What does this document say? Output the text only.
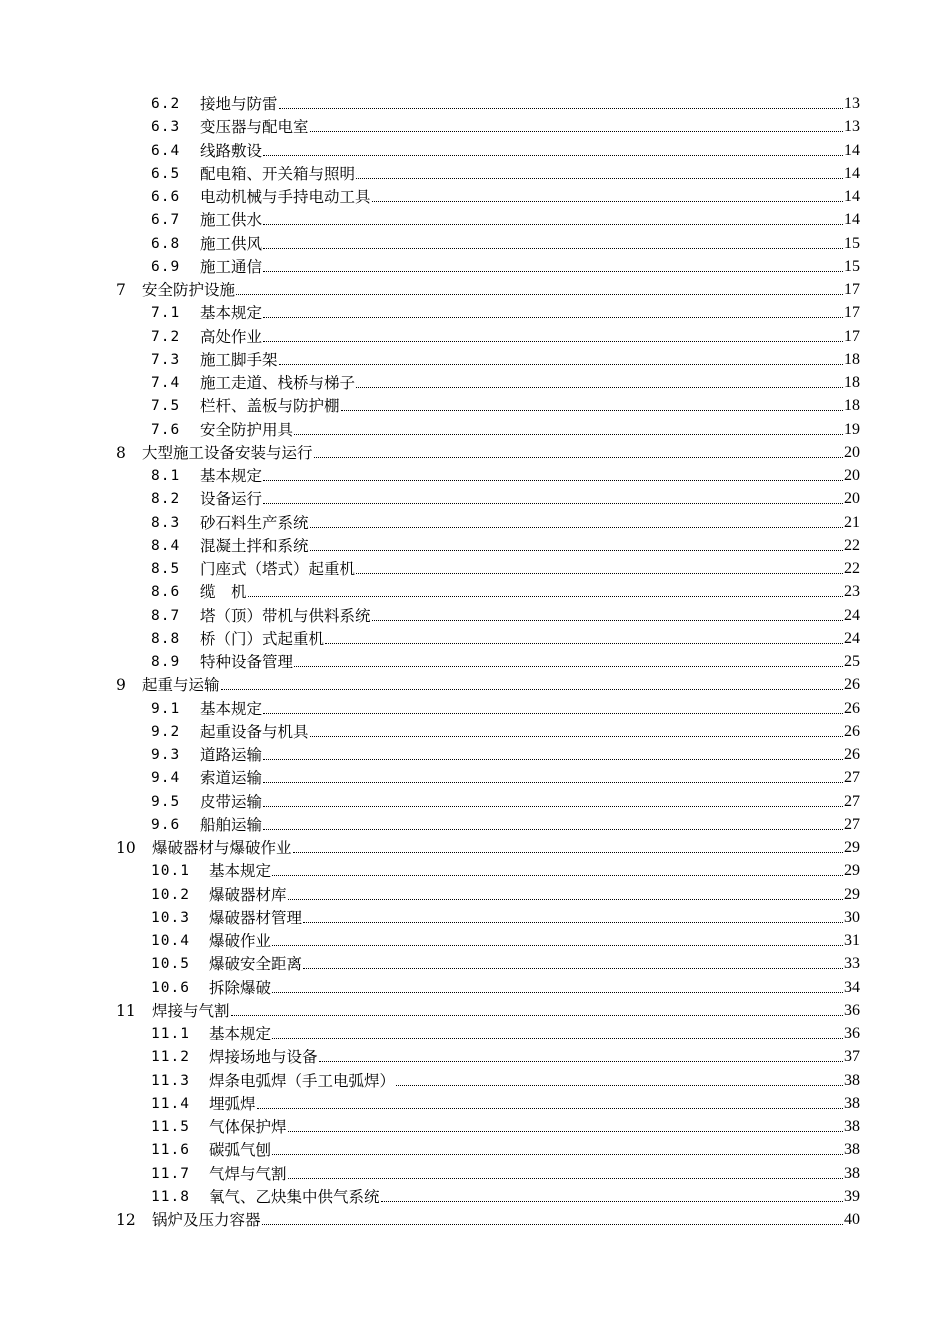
6.2	接地与防雷	13
6.3	变压器与配电室	13
6.4	线路敷设	14
6.5	配电箱、开关箱与照明	14
6.6	电动机械与手持电动工具	14
6.7	施工供水	14
6.8	施工供风	15
6.9	施工通信	15
7	安全防护设施	17
7.1	基本规定	17
7.2	高处作业	17
7.3	施工脚手架	18
7.4	施工走道、栈桥与梯子	18
7.5	栏杆、盖板与防护棚	18
7.6	安全防护用具	19
8	大型施工设备安装与运行	20
8.1	基本规定	20
8.2	设备运行	20
8.3	砂石料生产系统	21
8.4	混凝土拌和系统	22
8.5	门座式（塔式）起重机	22
8.6	缆　机	23
8.7	塔（顶）带机与供料系统	24
8.8	桥（门）式起重机	24
8.9	特种设备管理	25
9	起重与运输	26
9.1	基本规定	26
9.2	起重设备与机具	26
9.3	道路运输	26
9.4	索道运输	27
9.5	皮带运输	27
9.6	船舶运输	27
10	爆破器材与爆破作业	29
10.1	基本规定	29
10.2	爆破器材库	29
10.3	爆破器材管理	30
10.4	爆破作业	31
10.5	爆破安全距离	33
10.6	拆除爆破	34
11	焊接与气割	36
11.1	基本规定	36
11.2	焊接场地与设备	37
11.3	焊条电弧焊（手工电弧焊）	38
11.4	埋弧焊	38
11.5	气体保护焊	38
11.6	碳弧气刨	38
11.7	气焊与气割	38
11.8	氧气、乙炔集中供气系统	39
12	锅炉及压力容器	40
